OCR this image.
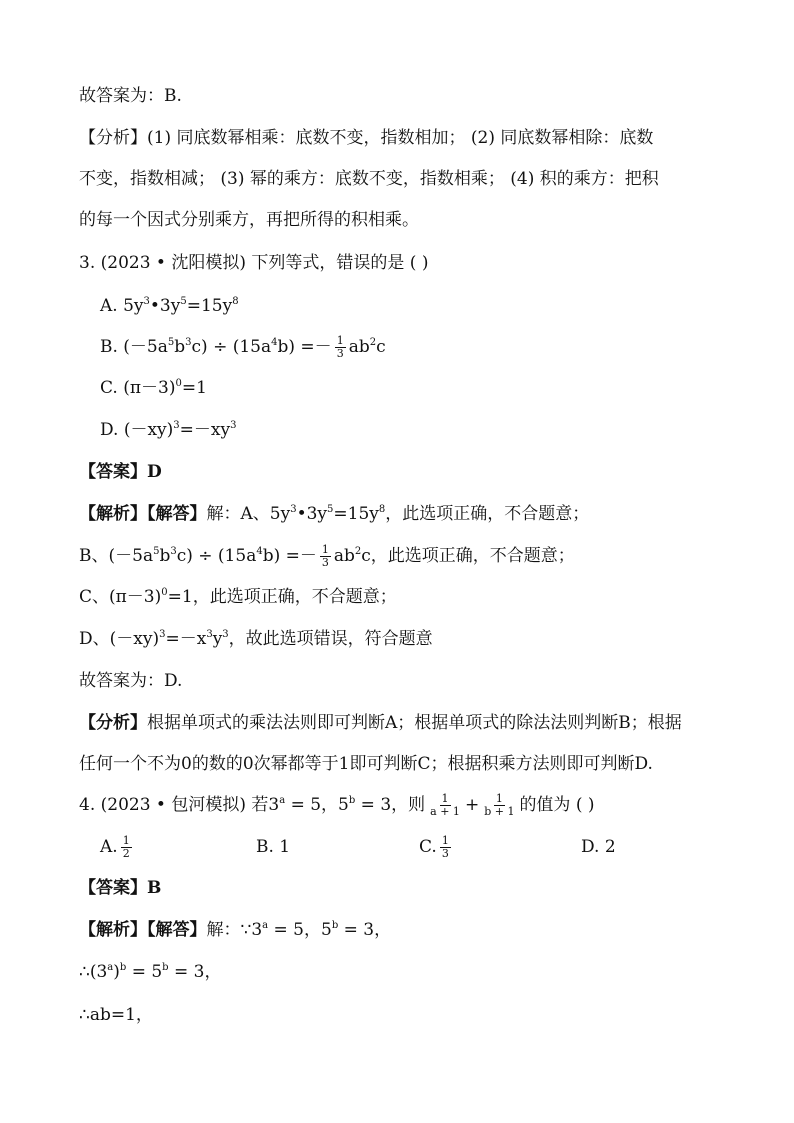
故答案为：B.
【分析】(1) 同底数幂相乘：底数不变，指数相加； (2) 同底数幂相除：底数
不变，指数相减； (3) 幂的乘方：底数不变，指数相乘； (4) 积的乘方：把积
的每一个因式分别乘方，再把所得的积相乘。
3. (2023 • 沈阳模拟) 下列等式，错误的是 ( )
A. $5y^3•3y^5=15y^8$
B. $(-5a^5b^3c) \div (15a^4b) =- \frac{1}{3} ab^2c$
C. $(\pi-3)^0=1$
D. $(-xy)^3=-xy^3$
【答案】D
【解析】【解答】解：A、$5y^3•3y^5=15y^8$，此选项正确，不合题意；
B、$(-5a^5b^3c) \div (15a^4b) =- \frac{1}{3} ab^2c$，此选项正确，不合题意；
C、$(\pi-3)^0=1$，此选项正确，不合题意；
D、$(-xy)^3=-x^3y^3$，故此选项错误，符合题意
故答案为：D.
【分析】根据单项式的乘法法则即可判断A；根据单项式的除法法则判断B；根据
任何一个不为0的数的0次幂都等于1即可判断C；根据积乘方法则即可判断D.
4. (2023 • 包河模拟) 若$3^a = 5$，$5^b = 3$，则 $\frac{1}{a + 1} + \frac{1}{b + 1}$ 的值为 ( )
A. $\frac{1}{2}$	B. 1	C. $\frac{1}{3}$	D. 2
【答案】B
【解析】【解答】解：$\because 3^a = 5$，$5^b = 3$，
$\therefore(3^a)^b = 5^b = 3$，
∴ab=1，
